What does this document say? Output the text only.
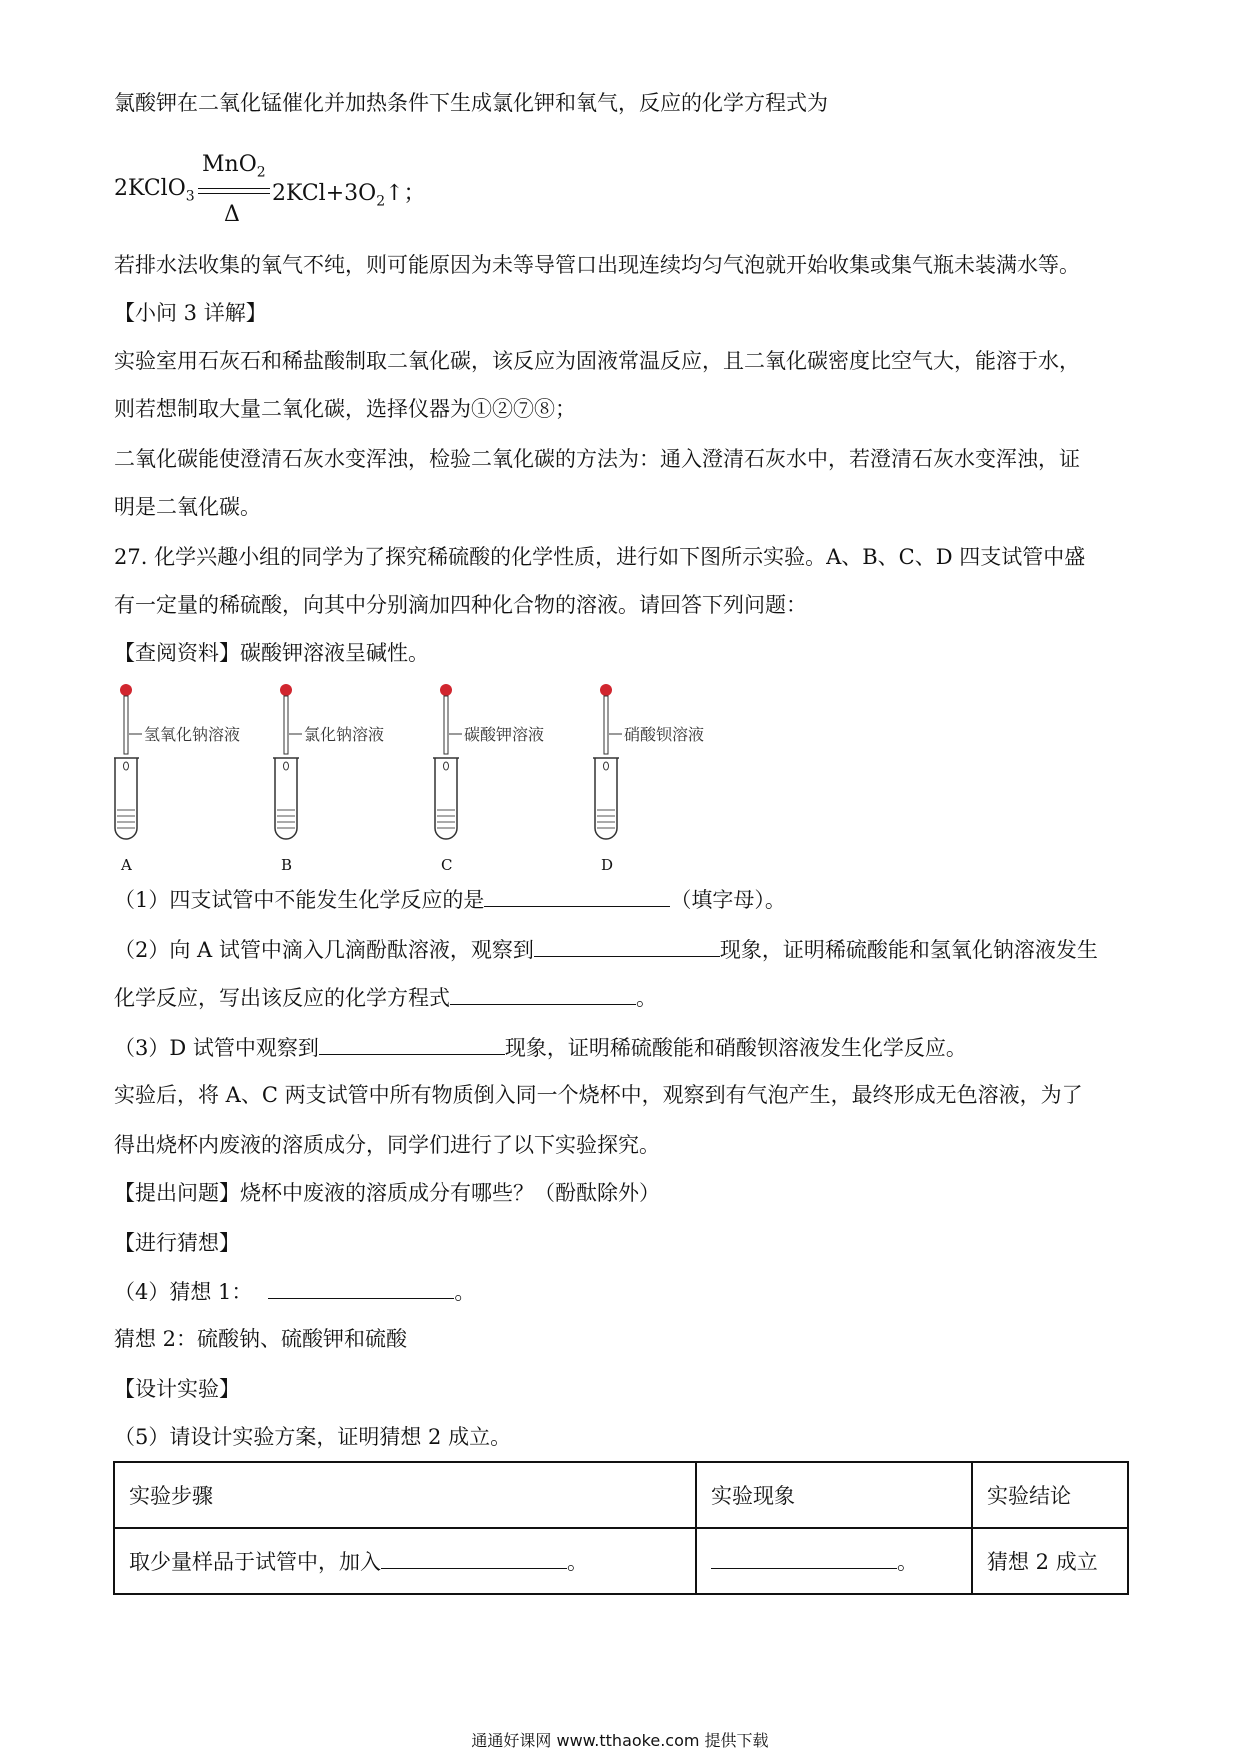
氯酸钾在二氧化锰催化并加热条件下生成氯化钾和氧气，反应的化学方程式为
2KClO$_3$
MnO$_2$
Δ
$2KCl+3O_2↑$；
若排水法收集的氧气不纯，则可能原因为未等导管口出现连续均匀气泡就开始收集或集气瓶未装满水等。
【小问 3 详解】
实验室用石灰石和稀盐酸制取二氧化碳，该反应为固液常温反应，且二氧化碳密度比空气大，能溶于水，
则若想制取大量二氧化碳，选择仪器为①②⑦⑧；
二氧化碳能使澄清石灰水变浑浊，检验二氧化碳的方法为：通入澄清石灰水中，若澄清石灰水变浑浊，证
明是二氧化碳。
27. 化学兴趣小组的同学为了探究稀硫酸的化学性质，进行如下图所示实验。A、B、C、D 四支试管中盛
有一定量的稀硫酸，向其中分别滴加四种化合物的溶液。请回答下列问题：
【查阅资料】碳酸钾溶液呈碱性。
氢氧化钠溶液
A
氯化钠溶液
B
碳酸钾溶液
C
硝酸钡溶液
D
（1）四支试管中不能发生化学反应的是	（填字母）。
（2）向 A 试管中滴入几滴酚酞溶液，观察到	现象，证明稀硫酸能和氢氧化钠溶液发生
化学反应，写出该反应的化学方程式	。
（3）D 试管中观察到	现象，证明稀硫酸能和硝酸钡溶液发生化学反应。
实验后，将 A、C 两支试管中所有物质倒入同一个烧杯中，观察到有气泡产生，最终形成无色溶液，为了
得出烧杯内废液的溶质成分，同学们进行了以下实验探究。
【提出问题】烧杯中废液的溶质成分有哪些？（酚酞除外）
【进行猜想】
（4）猜想 1：	。
猜想 2：硫酸钠、硫酸钾和硫酸
【设计实验】
（5）请设计实验方案，证明猜想 2 成立。
实验步骤	实验现象	实验结论
取少量样品于试管中，加入 。	。	猜想 2 成立
通通好课网 www.tthaoke.com 提供下载
